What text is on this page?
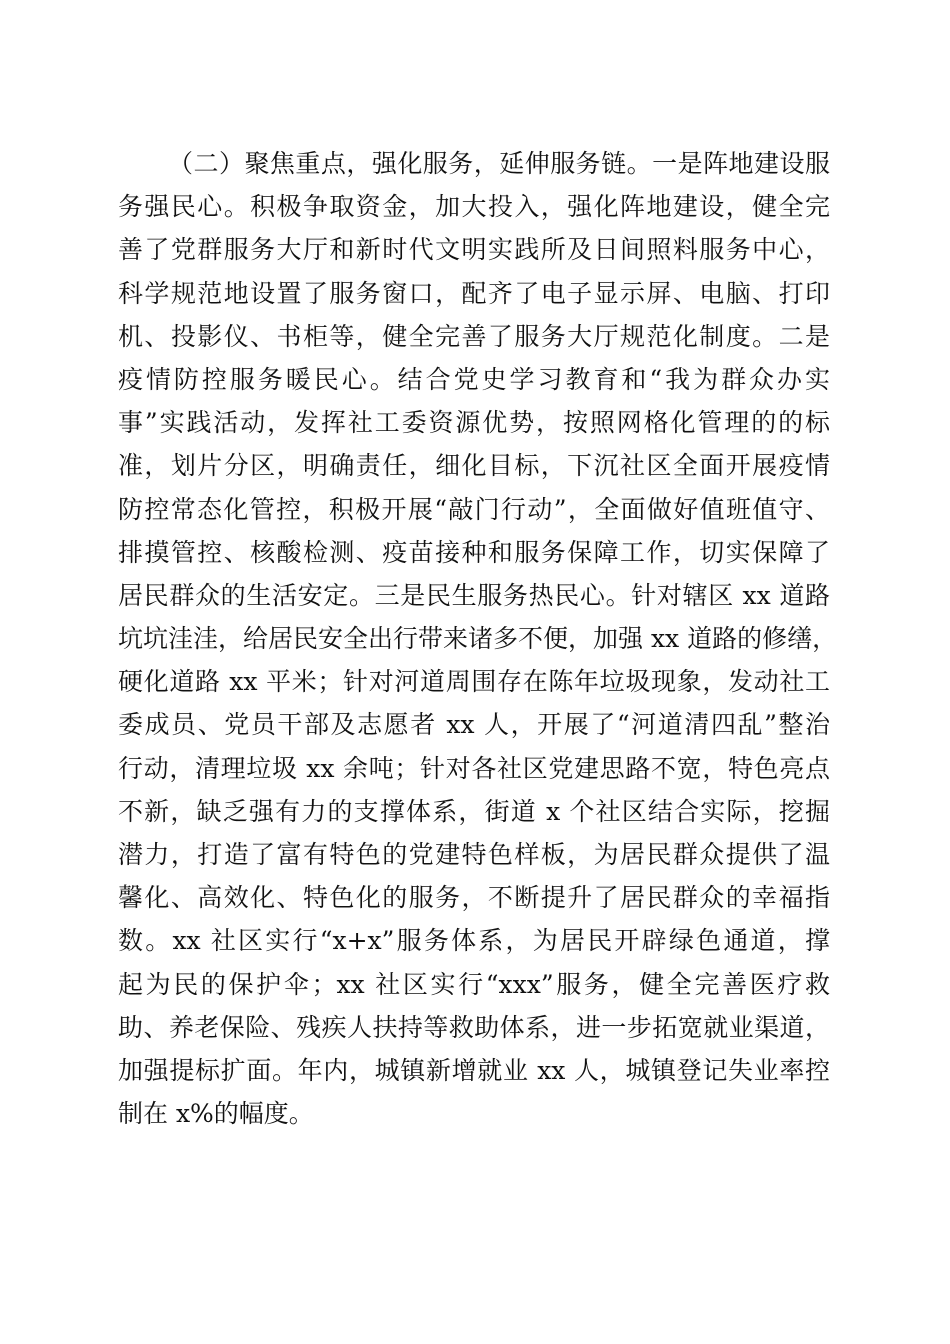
（二）聚焦重点，强化服务，延伸服务链。一是阵地建设服
务强民心。积极争取资金，加大投入，强化阵地建设，健全完
善了党群服务大厅和新时代文明实践所及日间照料服务中心，
科学规范地设置了服务窗口，配齐了电子显示屏、电脑、打印
机、投影仪、书柜等，健全完善了服务大厅规范化制度。二是
疫情防控服务暖民心。结合党史学习教育和“我为群众办实
事”实践活动，发挥社工委资源优势，按照网格化管理的的标
准，划片分区，明确责任，细化目标，下沉社区全面开展疫情
防控常态化管控，积极开展“敲门行动”，全面做好值班值守、
排摸管控、核酸检测、疫苗接种和服务保障工作，切实保障了
居民群众的生活安定。三是民生服务热民心。针对辖区 xx 道路
坑坑洼洼，给居民安全出行带来诸多不便，加强 xx 道路的修缮，
硬化道路 xx 平米；针对河道周围存在陈年垃圾现象，发动社工
委成员、党员干部及志愿者 xx 人，开展了“河道清四乱”整治
行动，清理垃圾 xx 余吨；针对各社区党建思路不宽，特色亮点
不新，缺乏强有力的支撑体系，街道 x 个社区结合实际，挖掘
潜力，打造了富有特色的党建特色样板，为居民群众提供了温
馨化、高效化、特色化的服务，不断提升了居民群众的幸福指
数。xx 社区实行“x+x”服务体系，为居民开辟绿色通道，撑
起为民的保护伞；xx 社区实行“xxx”服务，健全完善医疗救
助、养老保险、残疾人扶持等救助体系，进一步拓宽就业渠道，
加强提标扩面。年内，城镇新增就业 xx 人，城镇登记失业率控
制在 x%的幅度。
